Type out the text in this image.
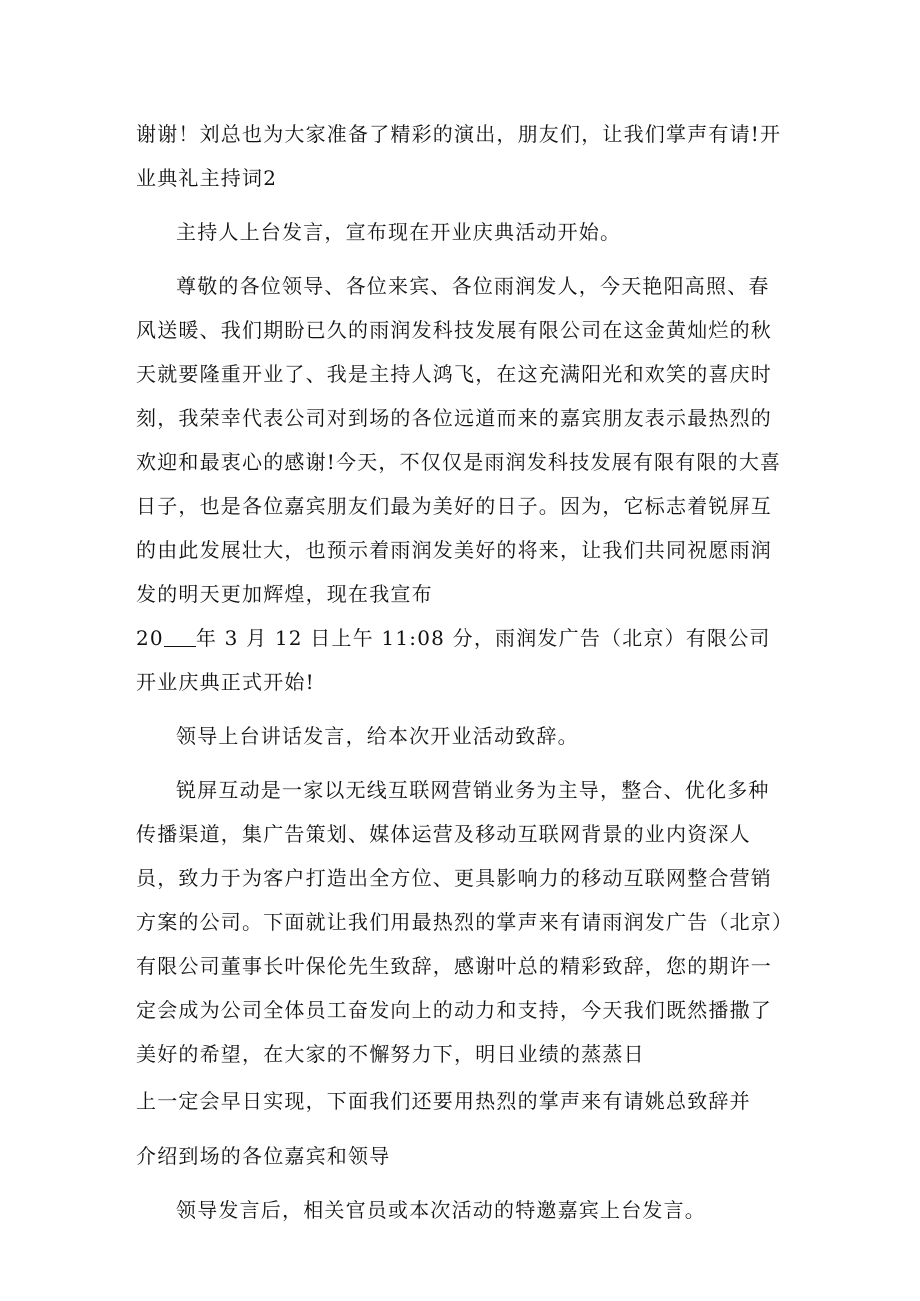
谢谢！刘总也为大家准备了精彩的演出，朋友们，让我们掌声有请!开业典礼主持词2

主持人上台发言，宣布现在开业庆典活动开始。

尊敬的各位领导、各位来宾、各位雨润发人，今天艳阳高照、春风送暖、我们期盼已久的雨润发科技发展有限公司在这金黄灿烂的秋天就要隆重开业了、我是主持人鸿飞，在这充满阳光和欢笑的喜庆时刻，我荣幸代表公司对到场的各位远道而来的嘉宾朋友表示最热烈的欢迎和最衷心的感谢!今天，不仅仅是雨润发科技发展有限有限的大喜日子，也是各位嘉宾朋友们最为美好的日子。因为，它标志着锐屏互的由此发展壮大，也预示着雨润发美好的将来，让我们共同祝愿雨润发的明天更加辉煌，现在我宣布
20 年 3 月 12 日上午 11:08 分，雨润发广告（北京）有限公司开业庆典正式开始!

领导上台讲话发言，给本次开业活动致辞。

锐屏互动是一家以无线互联网营销业务为主导，整合、优化多种传播渠道，集广告策划、媒体运营及移动互联网背景的业内资深人员，致力于为客户打造出全方位、更具影响力的移动互联网整合营销方案的公司。下面就让我们用最热烈的掌声来有请雨润发广告（北京）有限公司董事长叶保伦先生致辞，感谢叶总的精彩致辞，您的期许一定会成为公司全体员工奋发向上的动力和支持，今天我们既然播撒了美好的希望，在大家的不懈努力下，明日业绩的蒸蒸日

上一定会早日实现，下面我们还要用热烈的掌声来有请姚总致辞并

介绍到场的各位嘉宾和领导

领导发言后，相关官员或本次活动的特邀嘉宾上台发言。
